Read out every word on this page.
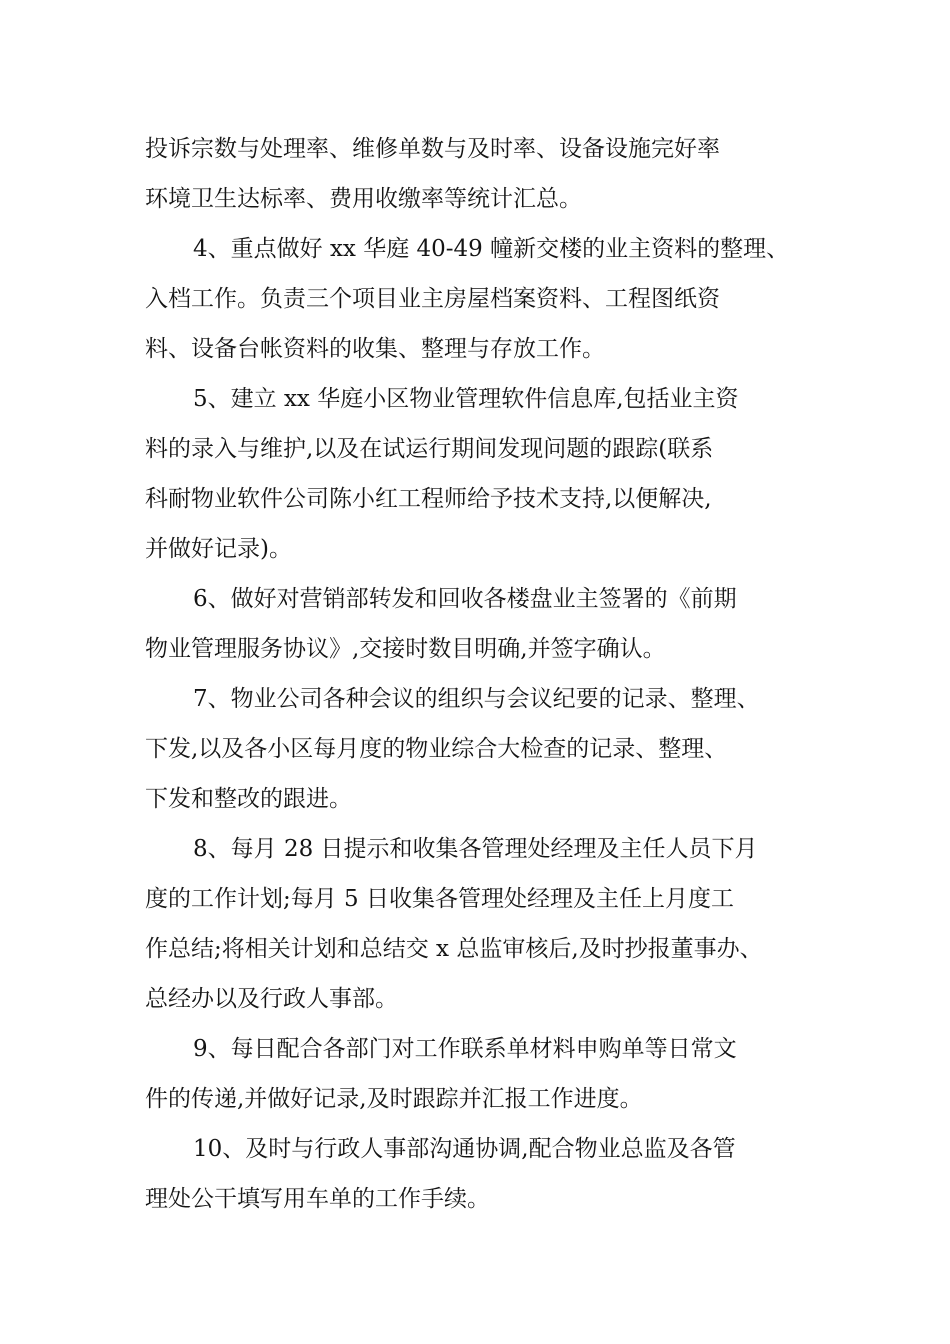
投诉宗数与处理率、维修单数与及时率、设备设施完好率
环境卫生达标率、费用收缴率等统计汇总。
4、重点做好 xx 华庭 40-49 幢新交楼的业主资料的整理、
入档工作。负责三个项目业主房屋档案资料、工程图纸资
料、设备台帐资料的收集、整理与存放工作。
5、建立 xx 华庭小区物业管理软件信息库,包括业主资
料的录入与维护,以及在试运行期间发现问题的跟踪(联系
科耐物业软件公司陈小红工程师给予技术支持,以便解决,
并做好记录)。
6、做好对营销部转发和回收各楼盘业主签署的《前期
物业管理服务协议》,交接时数目明确,并签字确认。
7、物业公司各种会议的组织与会议纪要的记录、整理、
下发,以及各小区每月度的物业综合大检查的记录、整理、
下发和整改的跟进。
8、每月 28 日提示和收集各管理处经理及主任人员下月
度的工作计划;每月 5 日收集各管理处经理及主任上月度工
作总结;将相关计划和总结交 x 总监审核后,及时抄报董事办、
总经办以及行政人事部。
9、每日配合各部门对工作联系单材料申购单等日常文
件的传递,并做好记录,及时跟踪并汇报工作进度。
10、及时与行政人事部沟通协调,配合物业总监及各管
理处公干填写用车单的工作手续。
